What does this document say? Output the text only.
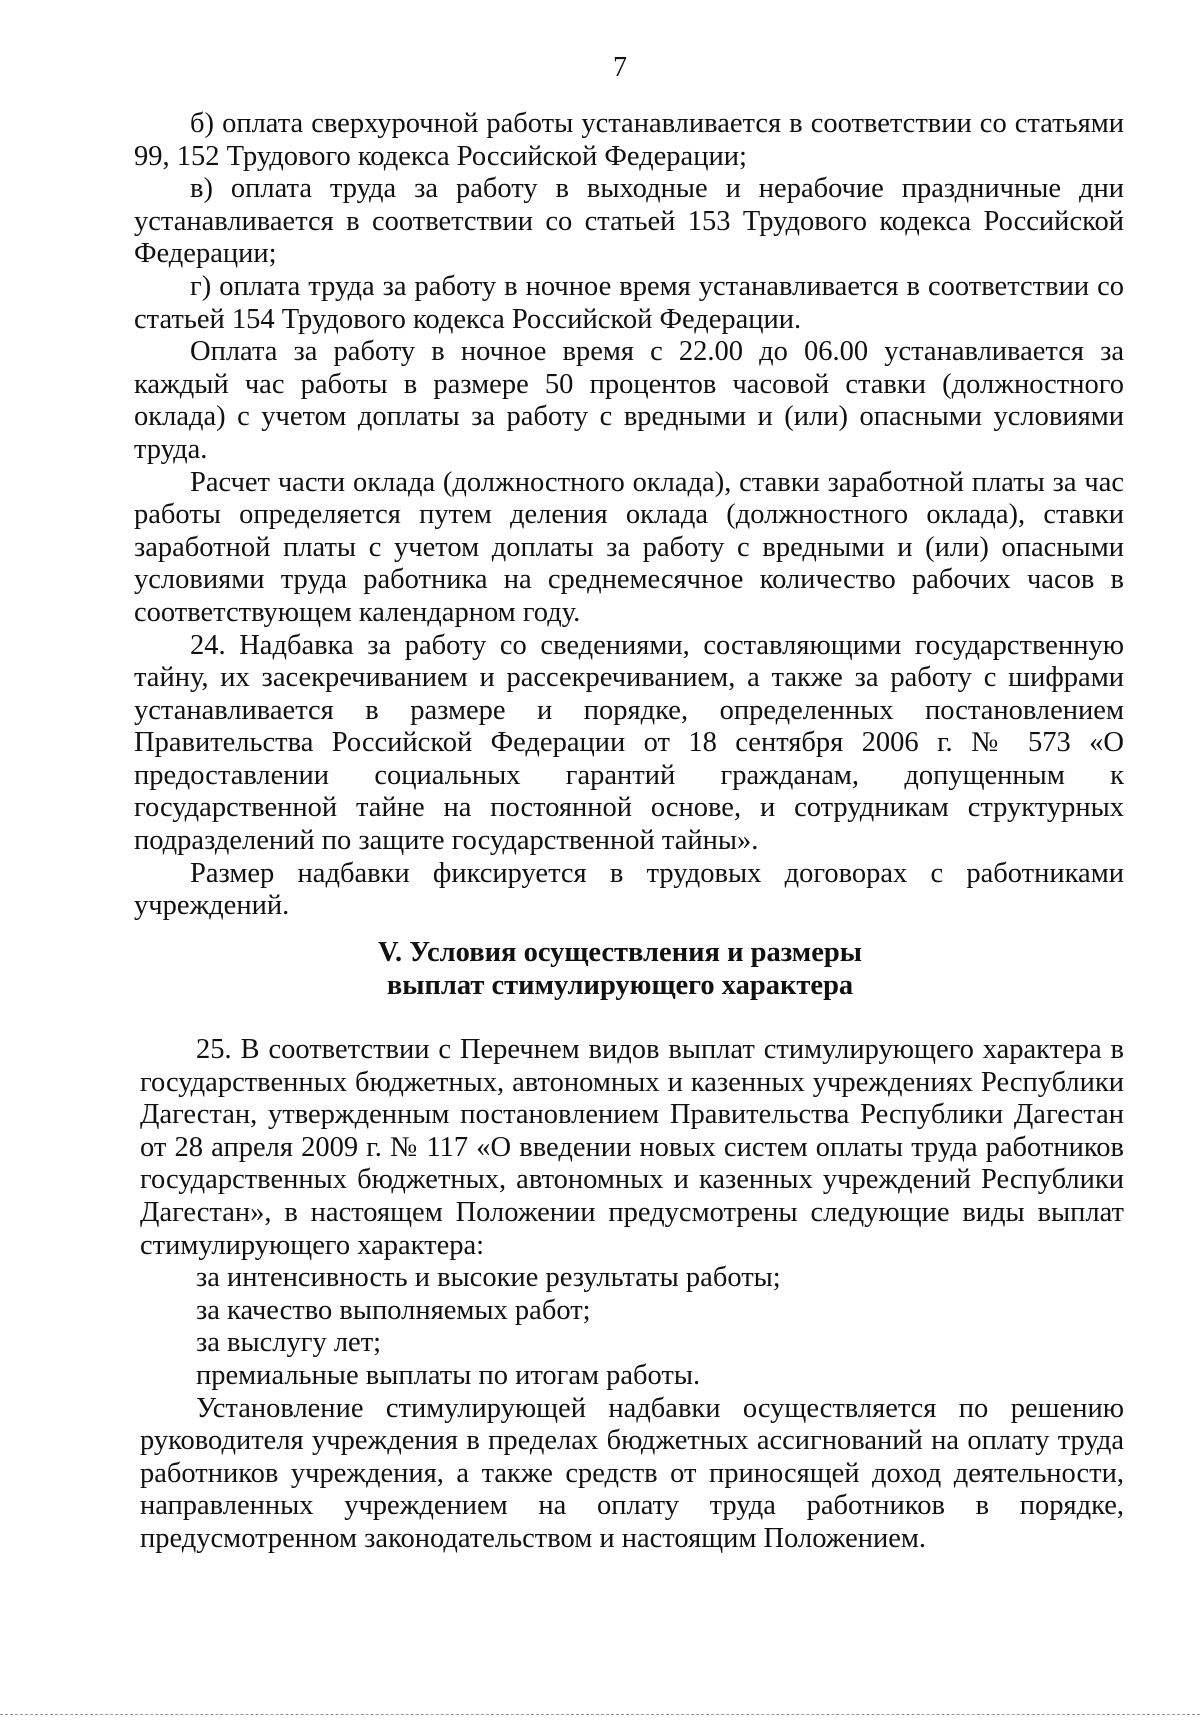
7

б) оплата сверхурочной работы устанавливается в соответствии со статьями 99, 152 Трудового кодекса Российской Федерации;

в) оплата труда за работу в выходные и нерабочие праздничные дни устанавливается в соответствии со статьей 153 Трудового кодекса Российской Федерации;

г) оплата труда за работу в ночное время устанавливается в соответствии со статьей 154 Трудового кодекса Российской Федерации.

Оплата за работу в ночное время с 22.00 до 06.00 устанавливается за каждый час работы в размере 50 процентов часовой ставки (должностного оклада) с учетом доплаты за работу с вредными и (или) опасными условиями труда.

Расчет части оклада (должностного оклада), ставки заработной платы за час работы определяется путем деления оклада (должностного оклада), ставки заработной платы с учетом доплаты за работу с вредными и (или) опасными условиями труда работника на среднемесячное количество рабочих часов в соответствующем календарном году.

24. Надбавка за работу со сведениями, составляющими государственную тайну, их засекречиванием и рассекречиванием, а также за работу с шифрами устанавливается в размере и порядке, определенных постановлением Правительства Российской Федерации от 18 сентября 2006 г. № 573 «О предоставлении социальных гарантий гражданам, допущенным к государственной тайне на постоянной основе, и сотрудникам структурных подразделений по защите государственной тайны».

Размер надбавки фиксируется в трудовых договорах с работниками учреждений.

V. Условия осуществления и размеры
выплат стимулирующего характера

25. В соответствии с Перечнем видов выплат стимулирующего характера в государственных бюджетных, автономных и казенных учреждениях Республики Дагестан, утвержденным постановлением Правительства Республики Дагестан от 28 апреля 2009 г. № 117 «О введении новых систем оплаты труда работников государственных бюджетных, автономных и казенных учреждений Республики Дагестан», в настоящем Положении предусмотрены следующие виды выплат стимулирующего характера:

за интенсивность и высокие результаты работы;

за качество выполняемых работ;

за выслугу лет;

премиальные выплаты по итогам работы.

Установление стимулирующей надбавки осуществляется по решению руководителя учреждения в пределах бюджетных ассигнований на оплату труда работников учреждения, а также средств от приносящей доход деятельности, направленных учреждением на оплату труда работников в порядке, предусмотренном законодательством и настоящим Положением.
